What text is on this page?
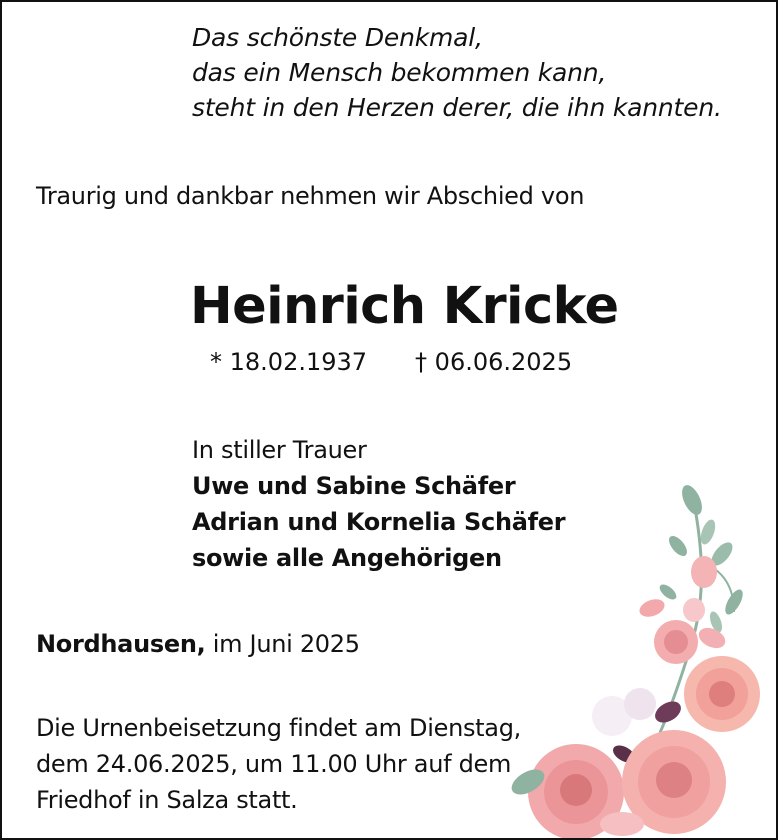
Das schönste Denkmal,
das ein Mensch bekommen kann,
steht in den Herzen derer, die ihn kannten.
Traurig und dankbar nehmen wir Abschied von
Heinrich Kricke
* 18.02.1937 † 06.06.2025
In stiller Trauer
Uwe und Sabine Schäfer
Adrian und Kornelia Schäfer
sowie alle Angehörigen
Nordhausen, im Juni 2025
Die Urnenbeisetzung findet am Dienstag,
dem 24.06.2025, um 11.00 Uhr auf dem
Friedhof in Salza statt.
